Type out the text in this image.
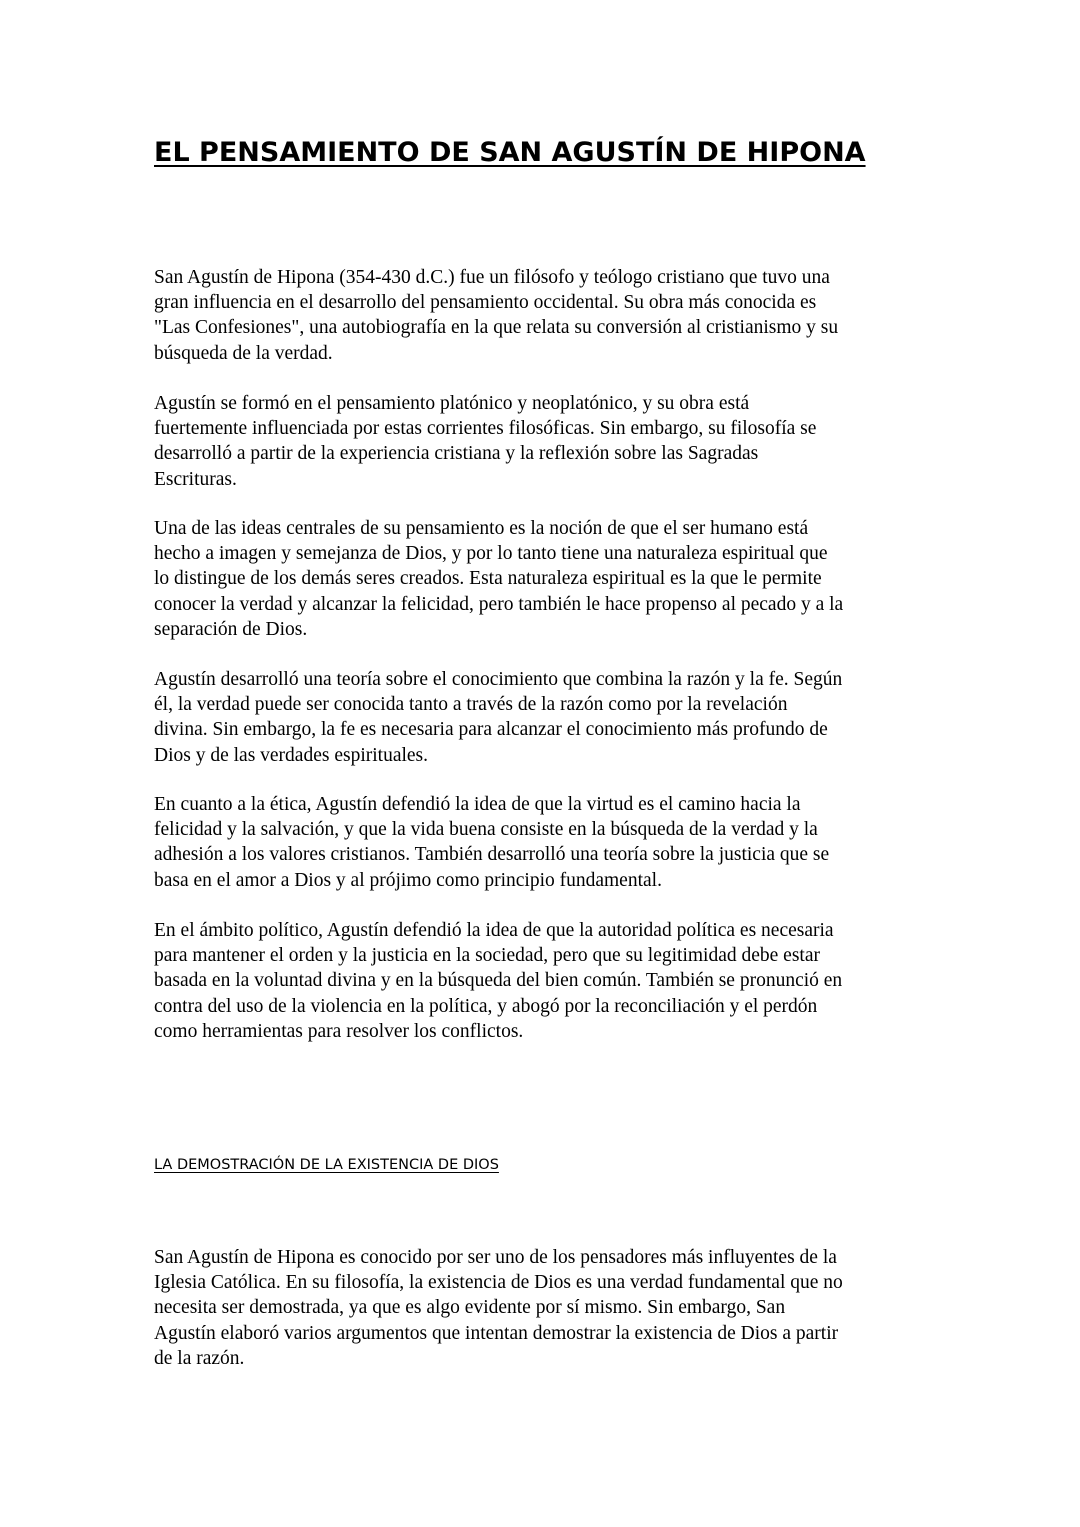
EL PENSAMIENTO DE SAN AGUSTÍN DE HIPONA

San Agustín de Hipona (354-430 d.C.) fue un filósofo y teólogo cristiano que tuvo una
gran influencia en el desarrollo del pensamiento occidental. Su obra más conocida es
"Las Confesiones", una autobiografía en la que relata su conversión al cristianismo y su
búsqueda de la verdad.

Agustín se formó en el pensamiento platónico y neoplatónico, y su obra está
fuertemente influenciada por estas corrientes filosóficas. Sin embargo, su filosofía se
desarrolló a partir de la experiencia cristiana y la reflexión sobre las Sagradas
Escrituras.

Una de las ideas centrales de su pensamiento es la noción de que el ser humano está
hecho a imagen y semejanza de Dios, y por lo tanto tiene una naturaleza espiritual que
lo distingue de los demás seres creados. Esta naturaleza espiritual es la que le permite
conocer la verdad y alcanzar la felicidad, pero también le hace propenso al pecado y a la
separación de Dios.

Agustín desarrolló una teoría sobre el conocimiento que combina la razón y la fe. Según
él, la verdad puede ser conocida tanto a través de la razón como por la revelación
divina. Sin embargo, la fe es necesaria para alcanzar el conocimiento más profundo de
Dios y de las verdades espirituales.

En cuanto a la ética, Agustín defendió la idea de que la virtud es el camino hacia la
felicidad y la salvación, y que la vida buena consiste en la búsqueda de la verdad y la
adhesión a los valores cristianos. También desarrolló una teoría sobre la justicia que se
basa en el amor a Dios y al prójimo como principio fundamental.

En el ámbito político, Agustín defendió la idea de que la autoridad política es necesaria
para mantener el orden y la justicia en la sociedad, pero que su legitimidad debe estar
basada en la voluntad divina y en la búsqueda del bien común. También se pronunció en
contra del uso de la violencia en la política, y abogó por la reconciliación y el perdón
como herramientas para resolver los conflictos.

LA DEMOSTRACIÓN DE LA EXISTENCIA DE DIOS

San Agustín de Hipona es conocido por ser uno de los pensadores más influyentes de la
Iglesia Católica. En su filosofía, la existencia de Dios es una verdad fundamental que no
necesita ser demostrada, ya que es algo evidente por sí mismo. Sin embargo, San
Agustín elaboró varios argumentos que intentan demostrar la existencia de Dios a partir
de la razón.
